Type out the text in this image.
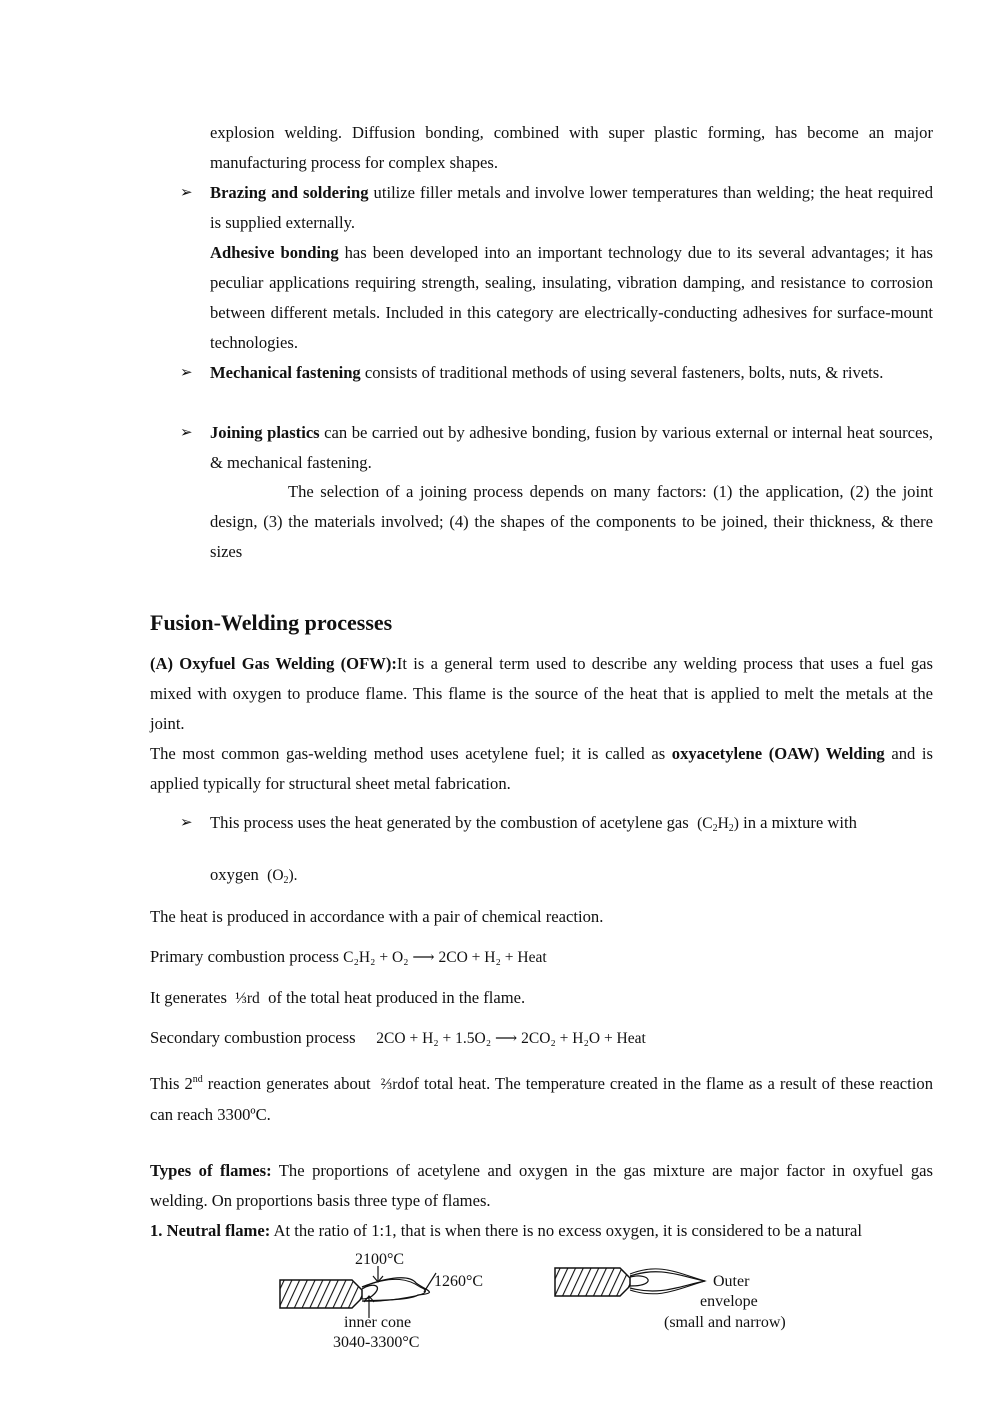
explosion welding. Diffusion bonding, combined with super plastic forming, has become an major manufacturing process for complex shapes.

➢ Brazing and soldering utilize filler metals and involve lower temperatures than welding; the heat required is supplied externally.

Adhesive bonding has been developed into an important technology due to its several advantages; it has peculiar applications requiring strength, sealing, insulating, vibration damping, and resistance to corrosion between different metals. Included in this category are electrically-conducting adhesives for surface-mount technologies.

➢ Mechanical fastening consists of traditional methods of using several fasteners, bolts, nuts, & rivets.

➢ Joining plastics can be carried out by adhesive bonding, fusion by various external or internal heat sources, & mechanical fastening.

The selection of a joining process depends on many factors: (1) the application, (2) the joint design, (3) the materials involved; (4) the shapes of the components to be joined, their thickness, & there sizes

Fusion-Welding processes

(A) Oxyfuel Gas Welding (OFW):It is a general term used to describe any welding process that uses a fuel gas mixed with oxygen to produce flame. This flame is the source of the heat that is applied to melt the metals at the joint.

The most common gas-welding method uses acetylene fuel; it is called as oxyacetylene (OAW) Welding and is applied typically for structural sheet metal fabrication.

➢ This process uses the heat generated by the combustion of acetylene gas $(C_2H_2)$ in a mixture with

oxygen $(O_2)$.

The heat is produced in accordance with a pair of chemical reaction.

Primary combustion process C₂H₂ + O₂ ⟶ 2CO + H₂ + Heat

It generates ⅓rd of the total heat produced in the flame.

Secondary combustion process 2CO + H₂ + 1.5O₂ ⟶ 2CO₂ + H₂O + Heat

This 2nd reaction generates about ⅔rdof total heat. The temperature created in the flame as a result of these reaction can reach 3300ºC.

Types of flames: The proportions of acetylene and oxygen in the gas mixture are major factor in oxyfuel gas welding. On proportions basis three type of flames.

1. Neutral flame: At the ratio of 1:1, that is when there is no excess oxygen, it is considered to be a natural

2100°C
1260°C
inner cone
3040-3300°C
Outer
envelope
(small and narrow)
